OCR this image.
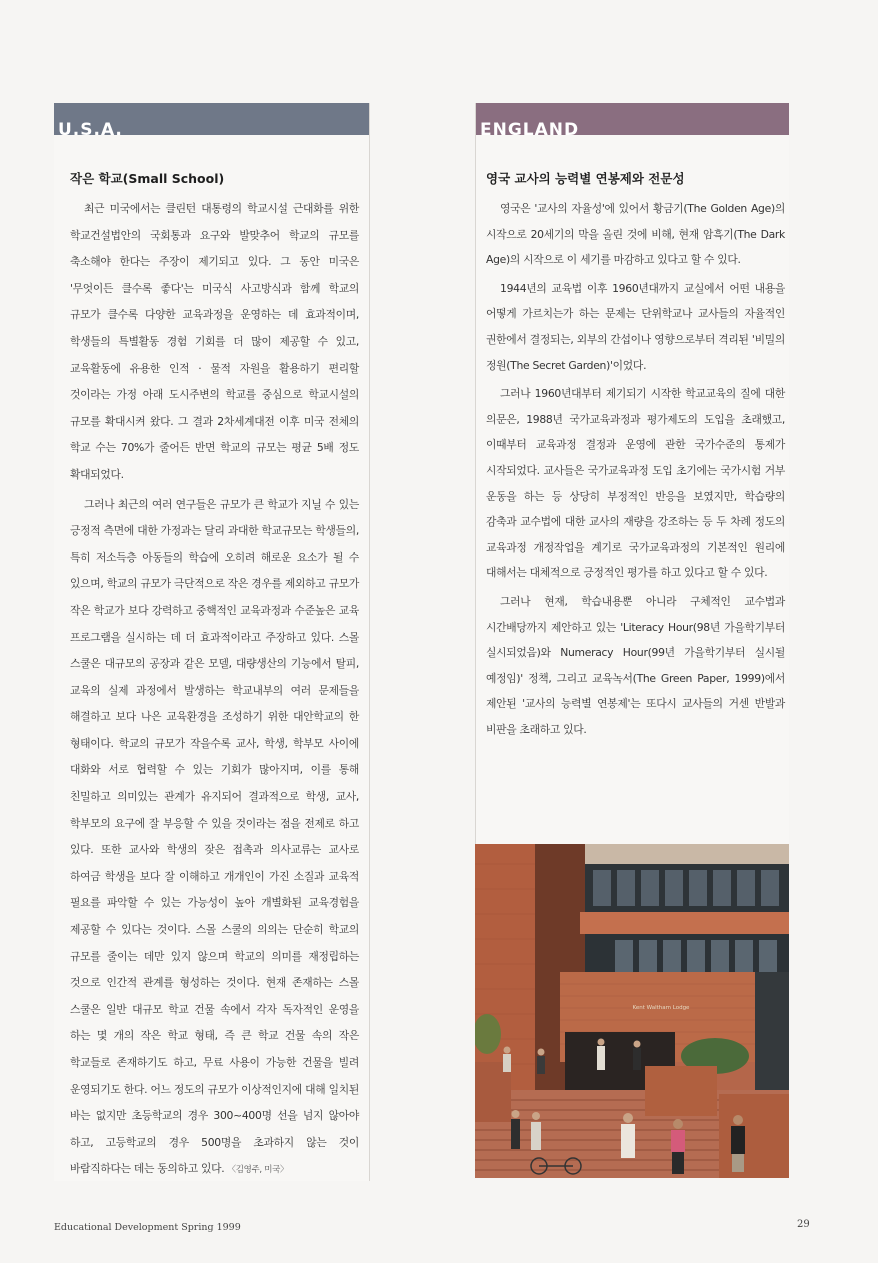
U.S.A.
작은 학교(Small School)

최근 미국에서는 클린턴 대통령의 학교시설 근대화를 위한 학교건설법안의 국회통과 요구와 발맞추어 학교의 규모를 축소해야 한다는 주장이 제기되고 있다. 그 동안 미국은 '무엇이든 클수록 좋다'는 미국식 사고방식과 함께 학교의 규모가 클수록 다양한 교육과정을 운영하는 데 효과적이며, 학생들의 특별활동 경험 기회를 더 많이 제공할 수 있고, 교육활동에 유용한 인적 · 물적 자원을 활용하기 편리할 것이라는 가정 아래 도시주변의 학교를 중심으로 학교시설의 규모를 확대시켜 왔다. 그 결과 2차세계대전 이후 미국 전체의 학교 수는 70%가 줄어든 반면 학교의 규모는 평균 5배 정도 확대되었다.

그러나 최근의 여러 연구들은 규모가 큰 학교가 지닐 수 있는 긍정적 측면에 대한 가정과는 달리 과대한 학교규모는 학생들의, 특히 저소득층 아동들의 학습에 오히려 해로운 요소가 될 수 있으며, 학교의 규모가 극단적으로 작은 경우를 제외하고 규모가 작은 학교가 보다 강력하고 중핵적인 교육과정과 수준높은 교육 프로그램을 실시하는 데 더 효과적이라고 주장하고 있다. 스몰 스쿨은 대규모의 공장과 같은 모델, 대량생산의 기능에서 탈피, 교육의 실제 과정에서 발생하는 학교내부의 여러 문제들을 해결하고 보다 나은 교육환경을 조성하기 위한 대안학교의 한 형태이다. 학교의 규모가 작을수록 교사, 학생, 학부모 사이에 대화와 서로 협력할 수 있는 기회가 많아지며, 이를 통해 친밀하고 의미있는 관계가 유지되어 결과적으로 학생, 교사, 학부모의 요구에 잘 부응할 수 있을 것이라는 점을 전제로 하고 있다. 또한 교사와 학생의 잦은 접촉과 의사교류는 교사로 하여금 학생을 보다 잘 이해하고 개개인이 가진 소질과 교육적 필요를 파악할 수 있는 가능성이 높아 개별화된 교육경험을 제공할 수 있다는 것이다. 스몰 스쿨의 의의는 단순히 학교의 규모를 줄이는 데만 있지 않으며 학교의 의미를 재정립하는 것으로 인간적 관계를 형성하는 것이다. 현재 존재하는 스몰 스쿨은 일반 대규모 학교 건물 속에서 각자 독자적인 운영을 하는 몇 개의 작은 학교 형태, 즉 큰 학교 건물 속의 작은 학교들로 존재하기도 하고, 무료 사용이 가능한 건물을 빌려 운영되기도 한다. 어느 정도의 규모가 이상적인지에 대해 일치된 바는 없지만 초등학교의 경우 300~400명 선을 넘지 않아야 하고, 고등학교의 경우 500명을 초과하지 않는 것이 바람직하다는 데는 동의하고 있다. 〈김영주, 미국〉

ENGLAND
영국 교사의 능력별 연봉제와 전문성

영국은 '교사의 자율성'에 있어서 황금기(The Golden Age)의 시작으로 20세기의 막을 올린 것에 비해, 현재 암흑기(The Dark Age)의 시작으로 이 세기를 마감하고 있다고 할 수 있다.

1944년의 교육법 이후 1960년대까지 교실에서 어떤 내용을 어떻게 가르치는가 하는 문제는 단위학교나 교사들의 자율적인 권한에서 결정되는, 외부의 간섭이나 영향으로부터 격리된 '비밀의 정원(The Secret Garden)'이었다.

그러나 1960년대부터 제기되기 시작한 학교교육의 질에 대한 의문은, 1988년 국가교육과정과 평가제도의 도입을 초래했고, 이때부터 교육과정 결정과 운영에 관한 국가수준의 통제가 시작되었다. 교사들은 국가교육과정 도입 초기에는 국가시험 거부 운동을 하는 등 상당히 부정적인 반응을 보였지만, 학습량의 감축과 교수법에 대한 교사의 재량을 강조하는 등 두 차례 정도의 교육과정 개정작업을 계기로 국가교육과정의 기본적인 원리에 대해서는 대체적으로 긍정적인 평가를 하고 있다고 할 수 있다.

그러나 현재, 학습내용뿐 아니라 구체적인 교수법과 시간배당까지 제안하고 있는 'Literacy Hour(98년 가을학기부터 실시되었음)와 Numeracy Hour(99년 가을학기부터 실시될 예정임)' 정책, 그리고 교육녹서(The Green Paper, 1999)에서 제안된 '교사의 능력별 연봉제'는 또다시 교사들의 거센 반발과 비판을 초래하고 있다.

Kent Waltham Lodge
Educational Development Spring 1999	29
